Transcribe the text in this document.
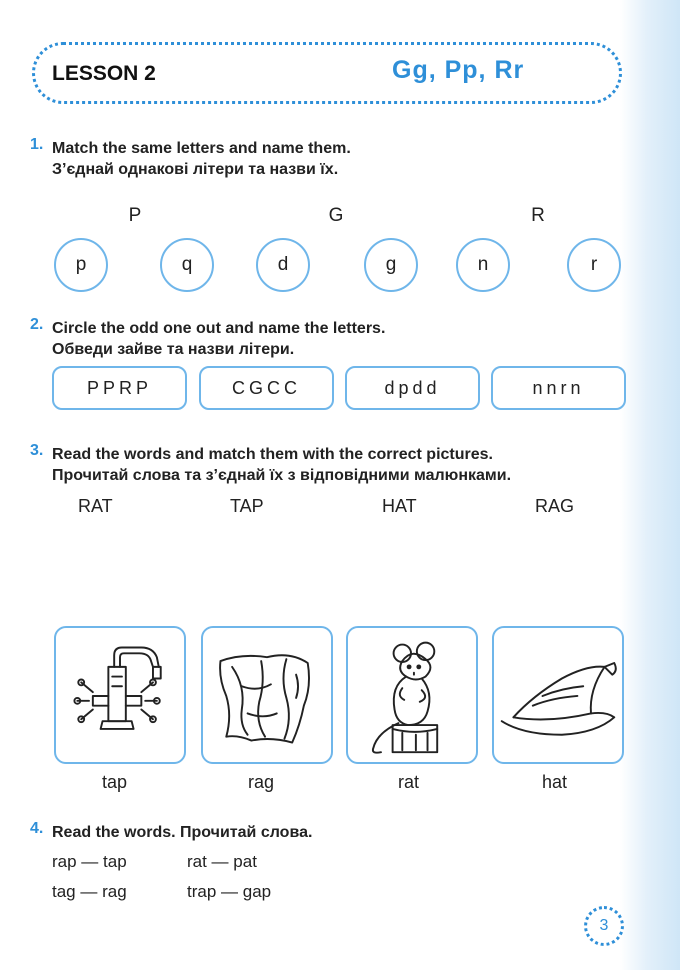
LESSON 2	Gg, Pp, Rr
1. Match the same letters and name them.
З’єднай однакові літери та назви їх.
P	G	R
p	q	d	g	n	r
2. Circle the odd one out and name the letters.
Обведи зайве та назви літери.
PPRP	CGCC	dpdd	nnrn
3. Read the words and match them with the correct pictures.
Прочитай слова та з’єднай їх з відповідними малюнками.
RAT	TAP	HAT	RAG
tap	rag	rat	hat
4. Read the words. Прочитай слова.
rap — tap	rat — pat
tag — rag	trap — gap
3
